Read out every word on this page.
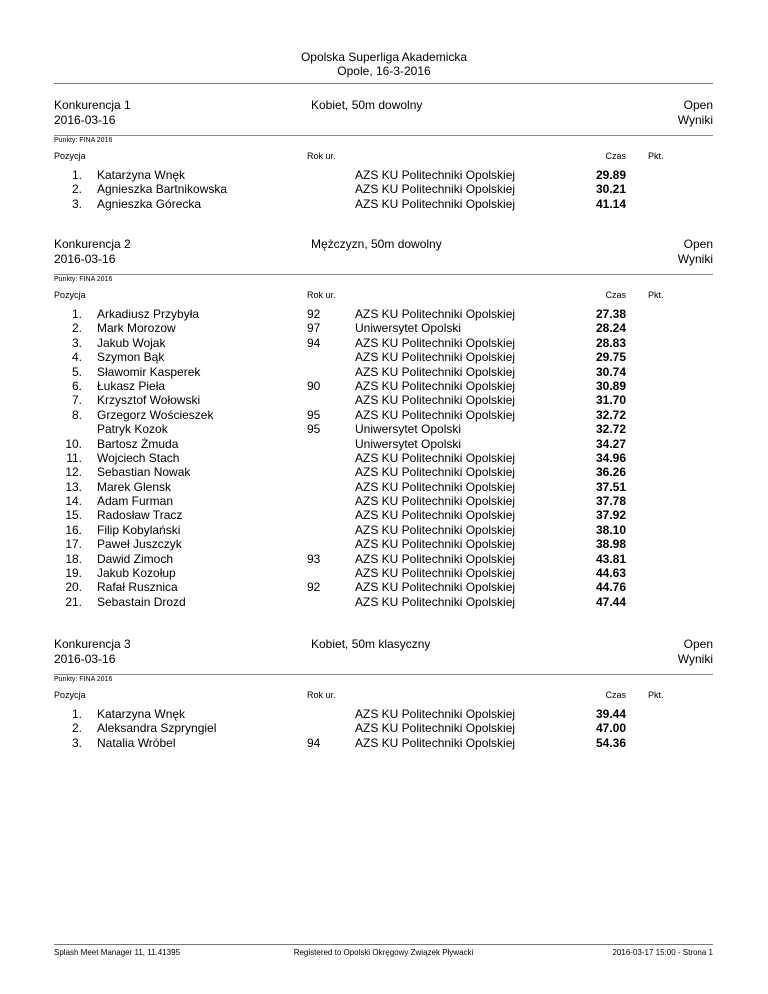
Opolska Superliga Akademicka
Opole, 16-3-2016
Konkurencja 1
2016-03-16
Kobiet, 50m dowolny	Open
Wyniki
Punkty: FINA 2016
Pozycja	Rok ur.	Czas Pkt.
1. Katarzyna Wnęk	AZS KU Politechniki Opolskiej	29.89
2. Agnieszka Bartnikowska	AZS KU Politechniki Opolskiej	30.21
3. Agnieszka Górecka	AZS KU Politechniki Opolskiej	41.14
Konkurencja 2
2016-03-16
Mężczyzn, 50m dowolny	Open
Wyniki
Punkty: FINA 2016
Pozycja	Rok ur.	Czas Pkt.
1. Arkadiusz Przybyła	92	AZS KU Politechniki Opolskiej	27.38
2. Mark Morozow	97	Uniwersytet Opolski	28.24
3. Jakub Wojak	94	AZS KU Politechniki Opolskiej	28.83
4. Szymon Bąk	AZS KU Politechniki Opolskiej	29.75
5. Sławomir Kasperek	AZS KU Politechniki Opolskiej	30.74
6. Łukasz Pieła	90	AZS KU Politechniki Opolskiej	30.89
7. Krzysztof Wołowski	AZS KU Politechniki Opolskiej	31.70
8. Grzegorz Wościeszek	95	AZS KU Politechniki Opolskiej	32.72
Patryk Kozok	95	Uniwersytet Opolski	32.72
10. Bartosz Żmuda	Uniwersytet Opolski	34.27
11. Wojciech Stach	AZS KU Politechniki Opolskiej	34.96
12. Sebastian Nowak	AZS KU Politechniki Opolskiej	36.26
13. Marek Glensk	AZS KU Politechniki Opolskiej	37.51
14. Adam Furman	AZS KU Politechniki Opolskiej	37.78
15. Radosław Tracz	AZS KU Politechniki Opolskiej	37.92
16. Filip Kobylański	AZS KU Politechniki Opolskiej	38.10
17. Paweł Juszczyk	AZS KU Politechniki Opolskiej	38.98
18. Dawid Zimoch	93	AZS KU Politechniki Opolskiej	43.81
19. Jakub Kozołup	AZS KU Politechniki Opolskiej	44.63
20. Rafał Rusznica	92	AZS KU Politechniki Opolskiej	44.76
21. Sebastain Drozd	AZS KU Politechniki Opolskiej	47.44
Konkurencja 3
2016-03-16
Kobiet, 50m klasyczny	Open
Wyniki
Punkty: FINA 2016
Pozycja	Rok ur.	Czas Pkt.
1. Katarzyna Wnęk	AZS KU Politechniki Opolskiej	39.44
2. Aleksandra Szpryngiel	AZS KU Politechniki Opolskiej	47.00
3. Natalia Wróbel	94	AZS KU Politechniki Opolskiej	54.36
Splash Meet Manager 11, 11.41395	Registered to Opolski Okręgowy Związek Pływacki	2016-03-17 15:00 - Strona 1
